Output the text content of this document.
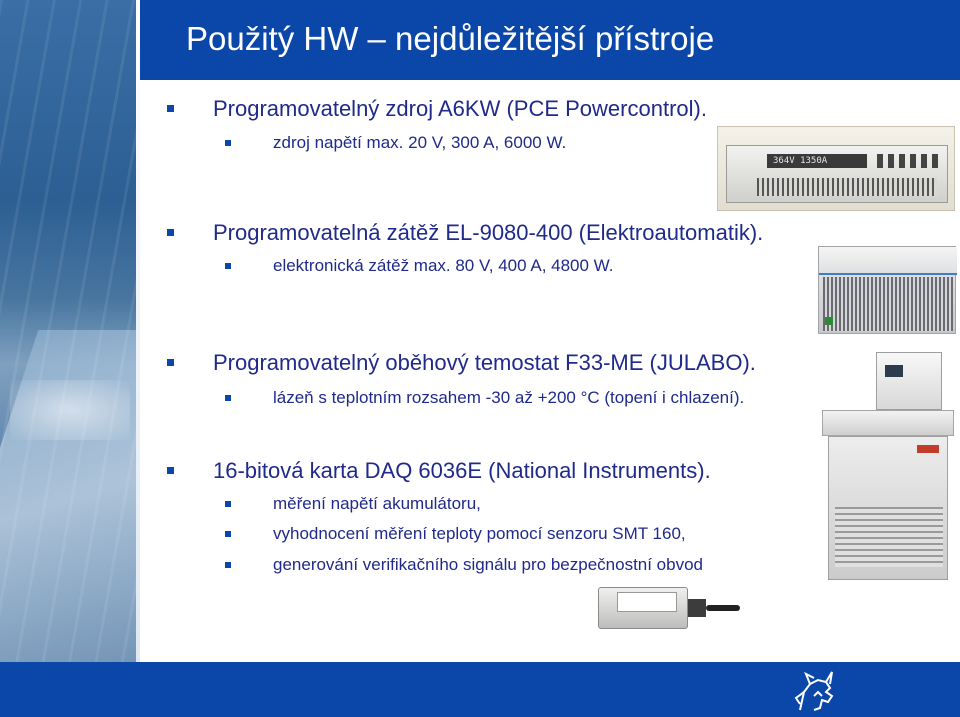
Použitý HW – nejdůležitější přístroje
Programovatelný zdroj A6KW (PCE Powercontrol).
zdroj napětí max. 20 V, 300 A, 6000 W.
Programovatelná zátěž EL-9080-400 (Elektroautomatik).
elektronická zátěž max. 80 V, 400 A, 4800 W.
Programovatelný oběhový temostat F33-ME (JULABO).
lázeň s teplotním rozsahem -30 až +200 °C (topení i chlazení).
16-bitová karta DAQ 6036E (National Instruments).
měření napětí akumulátoru,
vyhodnocení měření teploty pomocí senzoru SMT 160,
generování verifikačního signálu pro bezpečnostní obvod
364V 1350A
